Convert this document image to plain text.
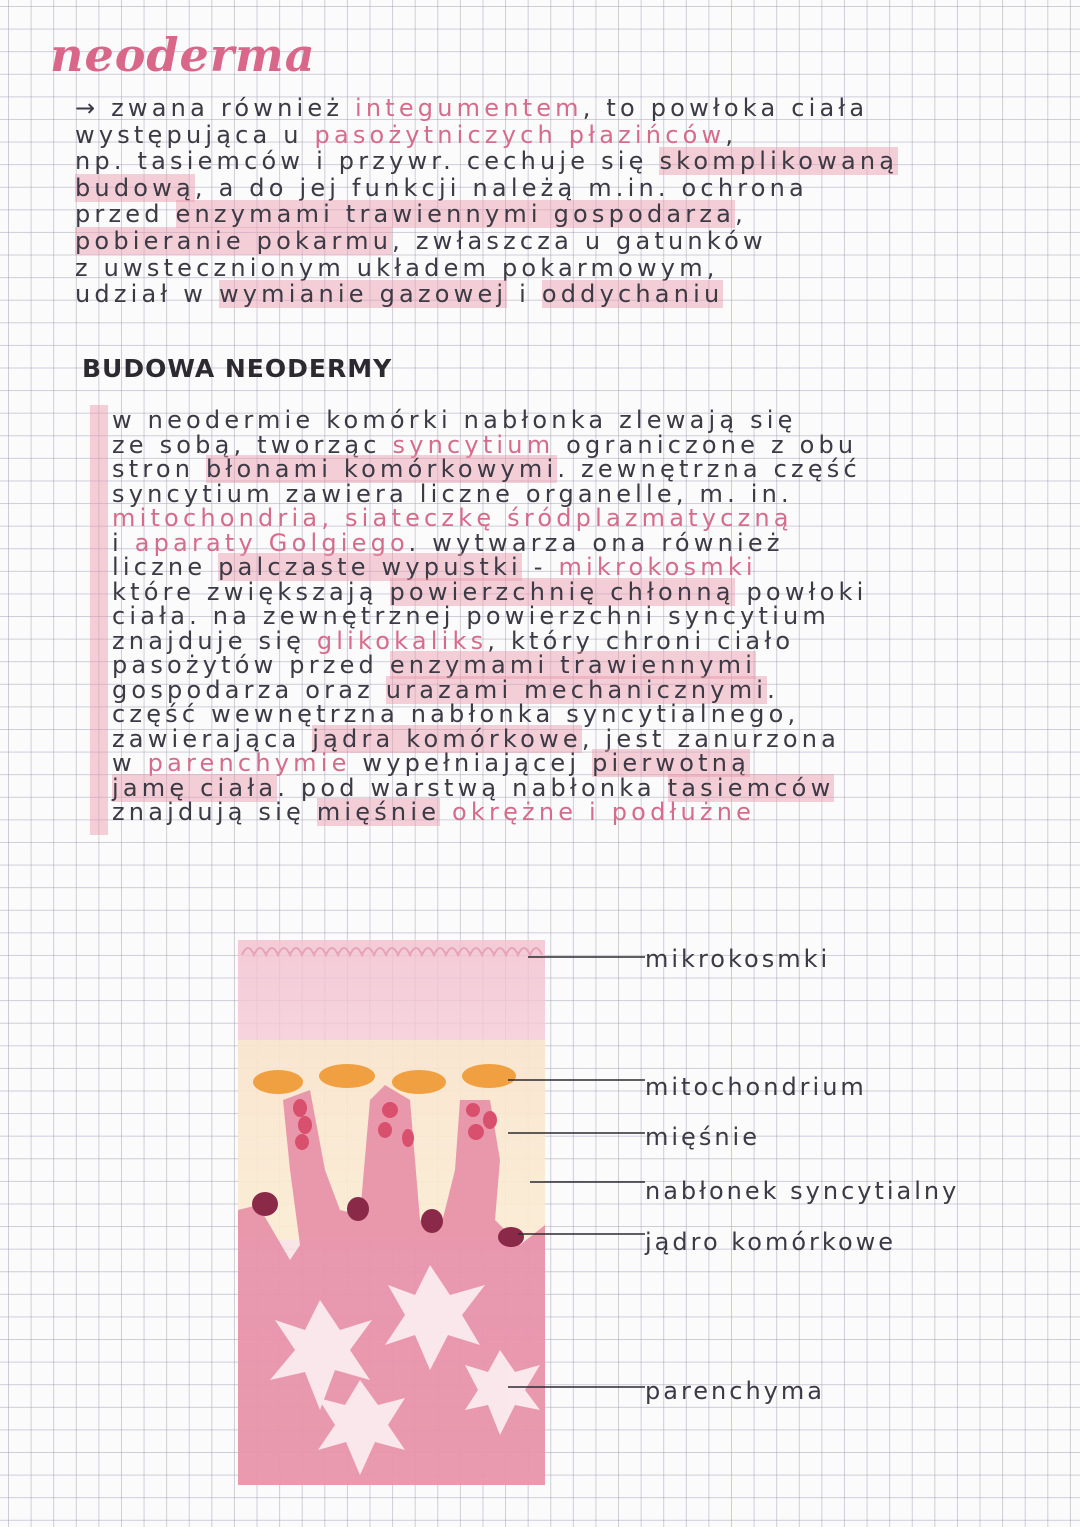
neoderma
→ zwana również integumentem, to powłoka ciała
występująca u pasożytniczych płazińców,
np. tasiemców i przywr. cechuje się skomplikowaną
budową, a do jej funkcji należą m.in. ochrona
przed enzymami trawiennymi gospodarza,
pobieranie pokarmu, zwłaszcza u gatunków
z uwstecznionym układem pokarmowym,
udział w wymianie gazowej i oddychaniu
BUDOWA NEODERMY
w neodermie komórki nabłonka zlewają się
ze sobą, tworząc syncytium ograniczone z obu
stron błonami komórkowymi. zewnętrzna część
syncytium zawiera liczne organelle, m. in.
mitochondria, siateczkę śródplazmatyczną
i aparaty Golgiego. wytwarza ona również
liczne palczaste wypustki - mikrokosmki
które zwiększają powierzchnię chłonną powłoki
ciała. na zewnętrznej powierzchni syncytium
znajduje się glikokaliks, który chroni ciało
pasożytów przed enzymami trawiennymi
gospodarza oraz urazami mechanicznymi.
część wewnętrzna nabłonka syncytialnego,
zawierająca jądra komórkowe, jest zanurzona
w parenchymie wypełniającej pierwotną
jamę ciała. pod warstwą nabłonka tasiemców
znajdują się mięśnie okrężne i podłużne
mikrokosmki
mitochondrium
mięśnie
nabłonek syncytialny
jądro komórkowe
parenchyma
